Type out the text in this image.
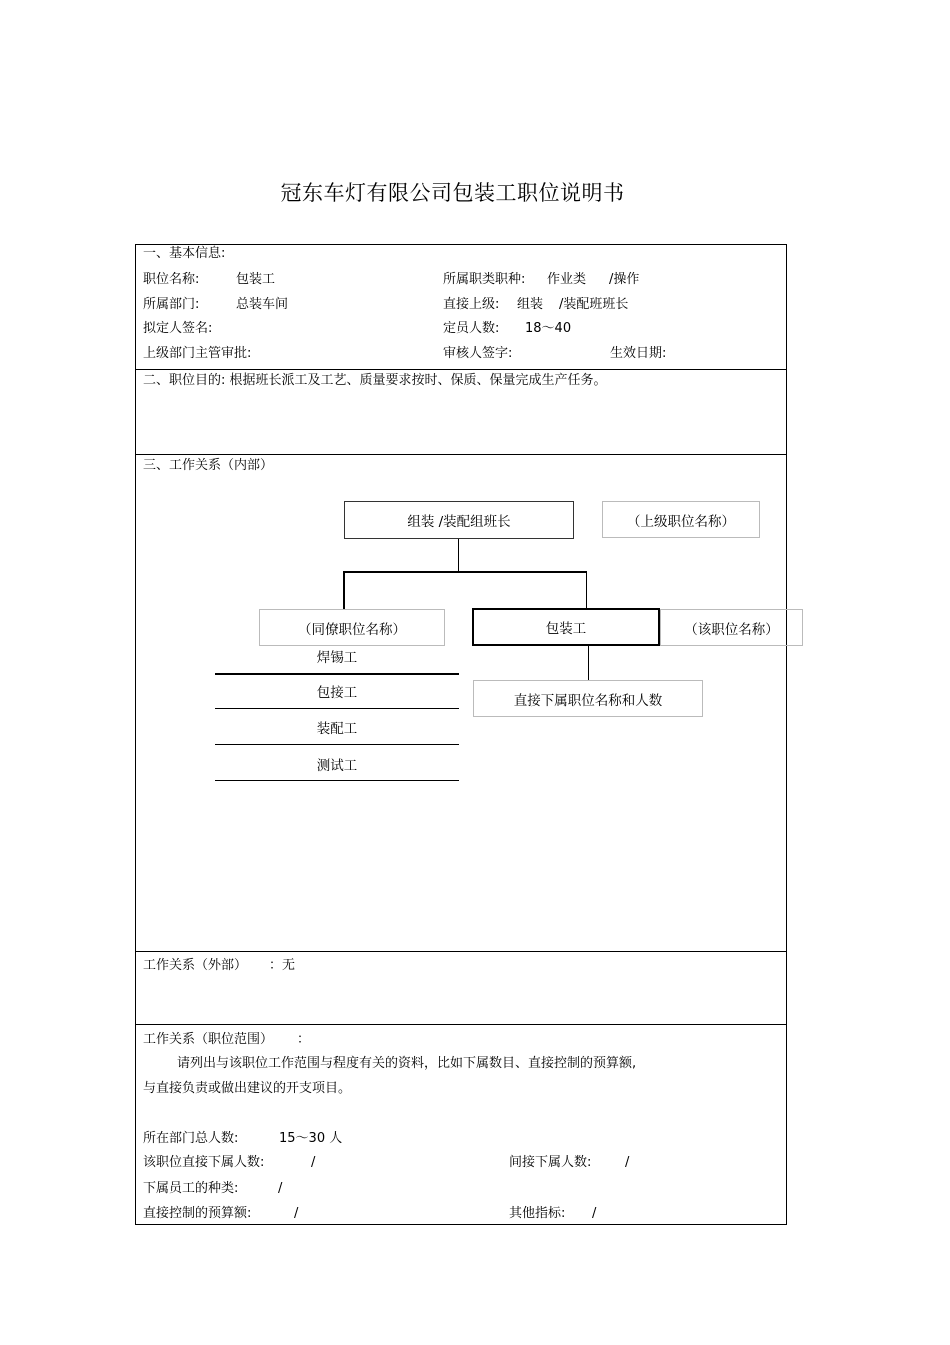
冠东车灯有限公司包装工职位说明书
一、基本信息:
职位名称:	包装工	所属职类职种: 作业类 /操作
所属部门:	总装车间	直接上级: 组装 /装配班班长
拟定人签名:	定员人数: 18～40
上级部门主管审批:	审核人签字:	生效日期:
二、职位目的: 根据班长派工及工艺、质量要求按时、保质、保量完成生产任务。
三、工作关系（内部）
组装 /装配组班长	（上级职位名称）
（同僚职位名称）	包装工	（该职位名称）
直接下属职位名称和人数
焊锡工
包接工
装配工
测试工
工作关系（外部） ：无
工作关系（职位范围） ：
请列出与该职位工作范围与程度有关的资料，比如下属数目、直接控制的预算额,
与直接负责或做出建议的开支项目。
所在部门总人数:	15～30 人
该职位直接下属人数:	/	间接下属人数:	/
下属员工的种类:	/
直接控制的预算额:	/	其他指标: /
